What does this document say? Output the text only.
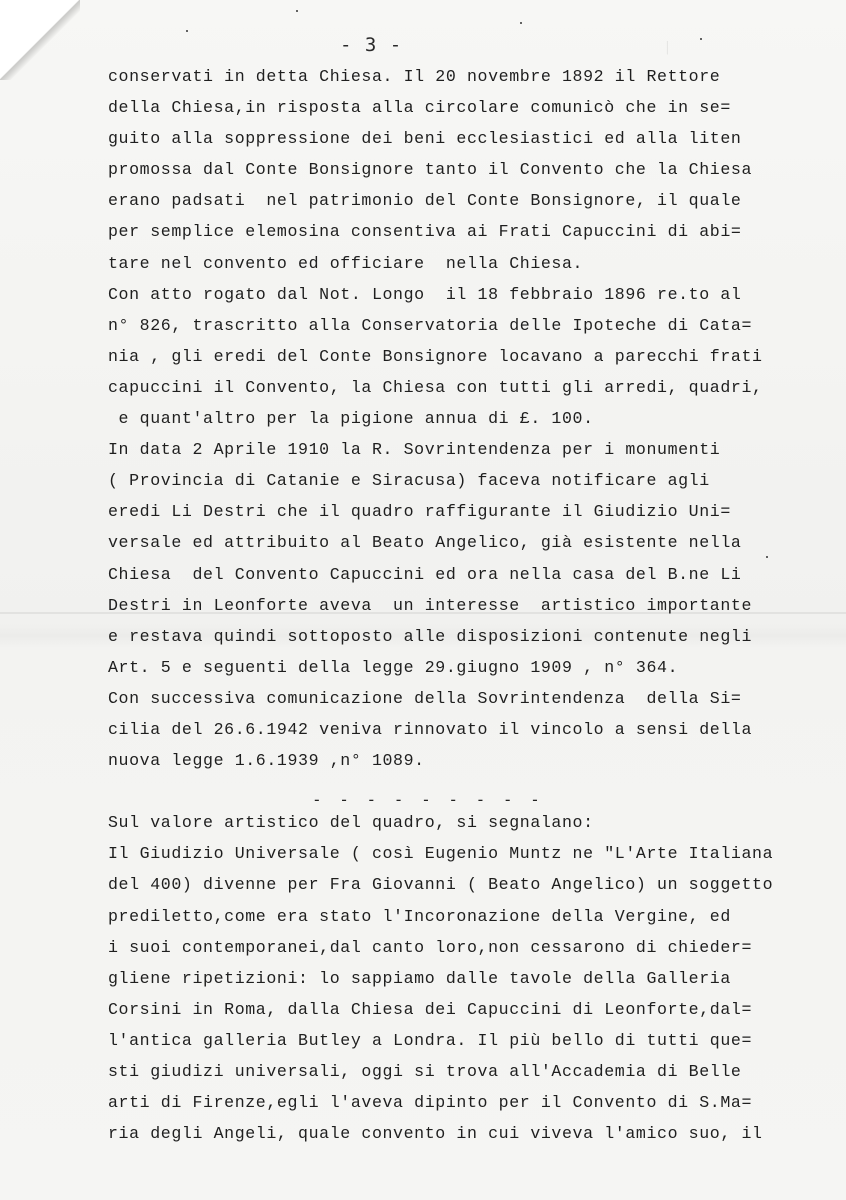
|
- 3 -
conservati in detta Chiesa. Il 20 novembre 1892 il Rettore
della Chiesa,in risposta alla circolare comunicò che in se=
guito alla soppressione dei beni ecclesiastici ed alla liten
promossa dal Conte Bonsignore tanto il Convento che la Chiesa
erano padsati  nel patrimonio del Conte Bonsignore, il quale
per semplice elemosina consentiva ai Frati Capuccini di abi=
tare nel convento ed officiare  nella Chiesa.
Con atto rogato dal Not. Longo  il 18 febbraio 1896 re.to al
n° 826, trascritto alla Conservatoria delle Ipoteche di Cata=
nia , gli eredi del Conte Bonsignore locavano a parecchi frati
capuccini il Convento, la Chiesa con tutti gli arredi, quadri,
e quant'altro per la pigione annua di £. 100.
In data 2 Aprile 1910 la R. Sovrintendenza per i monumenti
( Provincia di Catanie e Siracusa) faceva notificare agli
eredi Li Destri che il quadro raffigurante il Giudizio Uni=
versale ed attribuito al Beato Angelico, già esistente nella
Chiesa  del Convento Capuccini ed ora nella casa del B.ne Li
Destri in Leonforte aveva  un interesse  artistico importante
e restava quindi sottoposto alle disposizioni contenute negli
Art. 5 e seguenti della legge 29.giugno 1909 , n° 364.
Con successiva comunicazione della Sovrintendenza  della Si=
cilia del 26.6.1942 veniva rinnovato il vincolo a sensi della
nuova legge 1.6.1939 ,n° 1089.
Sul valore artistico del quadro, si segnalano:
Il Giudizio Universale ( così Eugenio Muntz ne "L'Arte Italiana
del 400) divenne per Fra Giovanni ( Beato Angelico) un soggetto
prediletto,come era stato l'Incoronazione della Vergine, ed
i suoi contemporanei,dal canto loro,non cessarono di chieder=
gliene ripetizioni: lo sappiamo dalle tavole della Galleria
Corsini in Roma, dalla Chiesa dei Capuccini di Leonforte,dal=
l'antica galleria Butley a Londra. Il più bello di tutti que=
sti giudizi universali, oggi si trova all'Accademia di Belle
arti di Firenze,egli l'aveva dipinto per il Convento di S.Ma=
ria degli Angeli, quale convento in cui viveva l'amico suo, il
- - - - - - - - -
